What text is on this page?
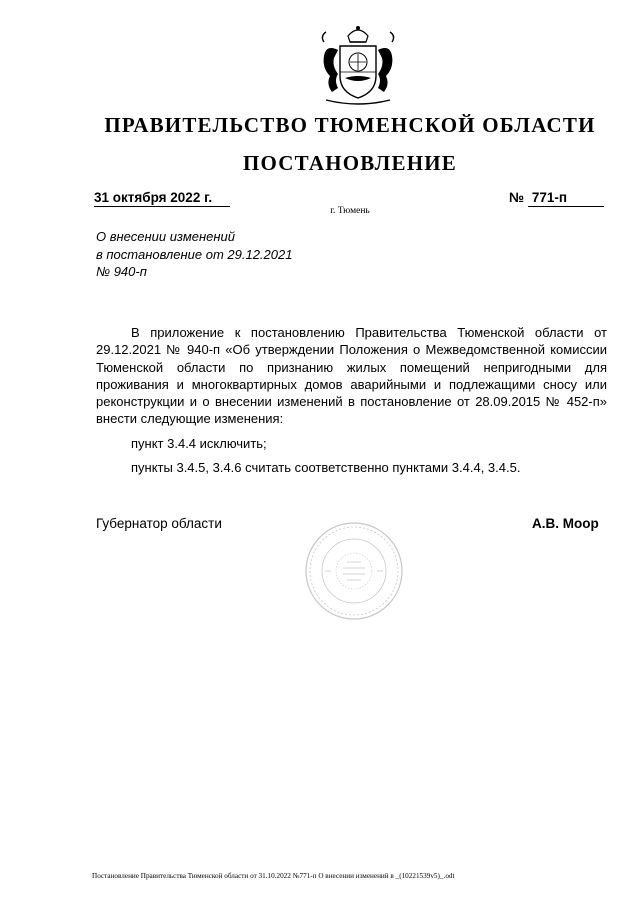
ПРАВИТЕЛЬСТВО ТЮМЕНСКОЙ ОБЛАСТИ
ПОСТАНОВЛЕНИЕ
31 октября 2022 г.	№ 771-п
г. Тюмень
О внесении изменений
в постановление от 29.12.2021
№ 940-п

В приложение к постановлению Правительства Тюменской области от 29.12.2021 № 940-п «Об утверждении Положения о Межведомственной комиссии Тюменской области по признанию жилых помещений непригодными для проживания и многоквартирных домов аварийными и подлежащими сносу или реконструкции и о внесении изменений в постановление от 28.09.2015 № 452-п» внести следующие изменения:

пункт 3.4.4 исключить;

пункты 3.4.5, 3.4.6 считать соответственно пунктами 3.4.4, 3.4.5.

Губернатор области	А.В. Моор
Постановление Правительства Тюменской области от 31.10.2022 №771-п О внесении изменений в _(10221539v5)_.odt
